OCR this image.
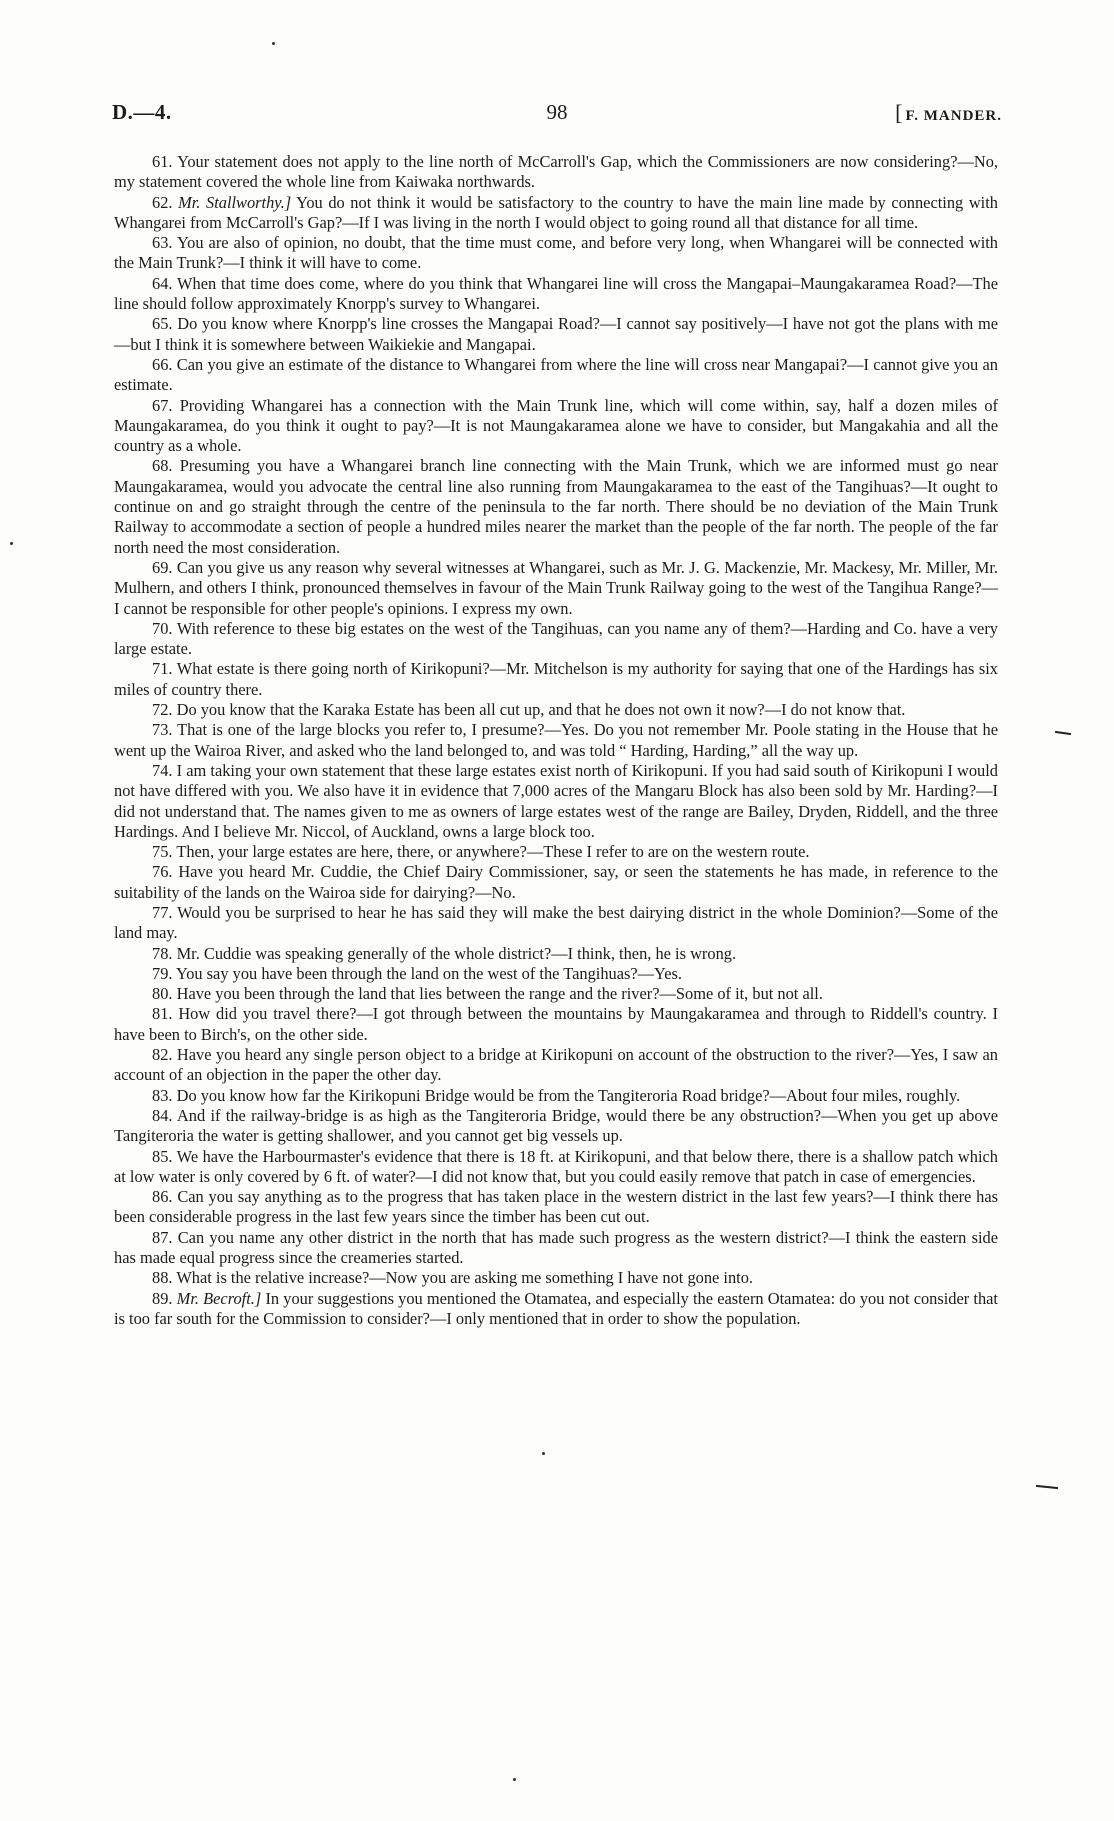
D.—4.	98	[ F. MANDER.

61. Your statement does not apply to the line north of McCarroll's Gap, which the Commissioners are now considering?—No, my statement covered the whole line from Kaiwaka northwards.

62. Mr. Stallworthy.] You do not think it would be satisfactory to the country to have the main line made by connecting with Whangarei from McCarroll's Gap?—If I was living in the north I would object to going round all that distance for all time.

63. You are also of opinion, no doubt, that the time must come, and before very long, when Whangarei will be connected with the Main Trunk?—I think it will have to come.

64. When that time does come, where do you think that Whangarei line will cross the Mangapai–Maungakaramea Road?—The line should follow approximately Knorpp's survey to Whangarei.

65. Do you know where Knorpp's line crosses the Mangapai Road?—I cannot say positively—I have not got the plans with me—but I think it is somewhere between Waikiekie and Mangapai.

66. Can you give an estimate of the distance to Whangarei from where the line will cross near Mangapai?—I cannot give you an estimate.

67. Providing Whangarei has a connection with the Main Trunk line, which will come within, say, half a dozen miles of Maungakaramea, do you think it ought to pay?—It is not Maungakaramea alone we have to consider, but Mangakahia and all the country as a whole.

68. Presuming you have a Whangarei branch line connecting with the Main Trunk, which we are informed must go near Maungakaramea, would you advocate the central line also running from Maungakaramea to the east of the Tangihuas?—It ought to continue on and go straight through the centre of the peninsula to the far north. There should be no deviation of the Main Trunk Railway to accommodate a section of people a hundred miles nearer the market than the people of the far north. The people of the far north need the most consideration.

69. Can you give us any reason why several witnesses at Whangarei, such as Mr. J. G. Mackenzie, Mr. Mackesy, Mr. Miller, Mr. Mulhern, and others I think, pronounced themselves in favour of the Main Trunk Railway going to the west of the Tangihua Range?—I cannot be responsible for other people's opinions. I express my own.

70. With reference to these big estates on the west of the Tangihuas, can you name any of them?—Harding and Co. have a very large estate.

71. What estate is there going north of Kirikopuni?—Mr. Mitchelson is my authority for saying that one of the Hardings has six miles of country there.

72. Do you know that the Karaka Estate has been all cut up, and that he does not own it now?—I do not know that.

73. That is one of the large blocks you refer to, I presume?—Yes. Do you not remember Mr. Poole stating in the House that he went up the Wairoa River, and asked who the land belonged to, and was told “ Harding, Harding,” all the way up.

74. I am taking your own statement that these large estates exist north of Kirikopuni. If you had said south of Kirikopuni I would not have differed with you. We also have it in evidence that 7,000 acres of the Mangaru Block has also been sold by Mr. Harding?—I did not understand that. The names given to me as owners of large estates west of the range are Bailey, Dryden, Riddell, and the three Hardings. And I believe Mr. Niccol, of Auckland, owns a large block too.

75. Then, your large estates are here, there, or anywhere?—These I refer to are on the western route.

76. Have you heard Mr. Cuddie, the Chief Dairy Commissioner, say, or seen the statements he has made, in reference to the suitability of the lands on the Wairoa side for dairying?—No.

77. Would you be surprised to hear he has said they will make the best dairying district in the whole Dominion?—Some of the land may.

78. Mr. Cuddie was speaking generally of the whole district?—I think, then, he is wrong.

79. You say you have been through the land on the west of the Tangihuas?—Yes.

80. Have you been through the land that lies between the range and the river?—Some of it, but not all.

81. How did you travel there?—I got through between the mountains by Maungakaramea and through to Riddell's country. I have been to Birch's, on the other side.

82. Have you heard any single person object to a bridge at Kirikopuni on account of the obstruction to the river?—Yes, I saw an account of an objection in the paper the other day.

83. Do you know how far the Kirikopuni Bridge would be from the Tangiteroria Road bridge?—About four miles, roughly.

84. And if the railway-bridge is as high as the Tangiteroria Bridge, would there be any obstruction?—When you get up above Tangiteroria the water is getting shallower, and you cannot get big vessels up.

85. We have the Harbourmaster's evidence that there is 18 ft. at Kirikopuni, and that below there, there is a shallow patch which at low water is only covered by 6 ft. of water?—I did not know that, but you could easily remove that patch in case of emergencies.

86. Can you say anything as to the progress that has taken place in the western district in the last few years?—I think there has been considerable progress in the last few years since the timber has been cut out.

87. Can you name any other district in the north that has made such progress as the western district?—I think the eastern side has made equal progress since the creameries started.

88. What is the relative increase?—Now you are asking me something I have not gone into.

89. Mr. Becroft.] In your suggestions you mentioned the Otamatea, and especially the eastern Otamatea: do you not consider that is too far south for the Commission to consider?—I only mentioned that in order to show the population.
